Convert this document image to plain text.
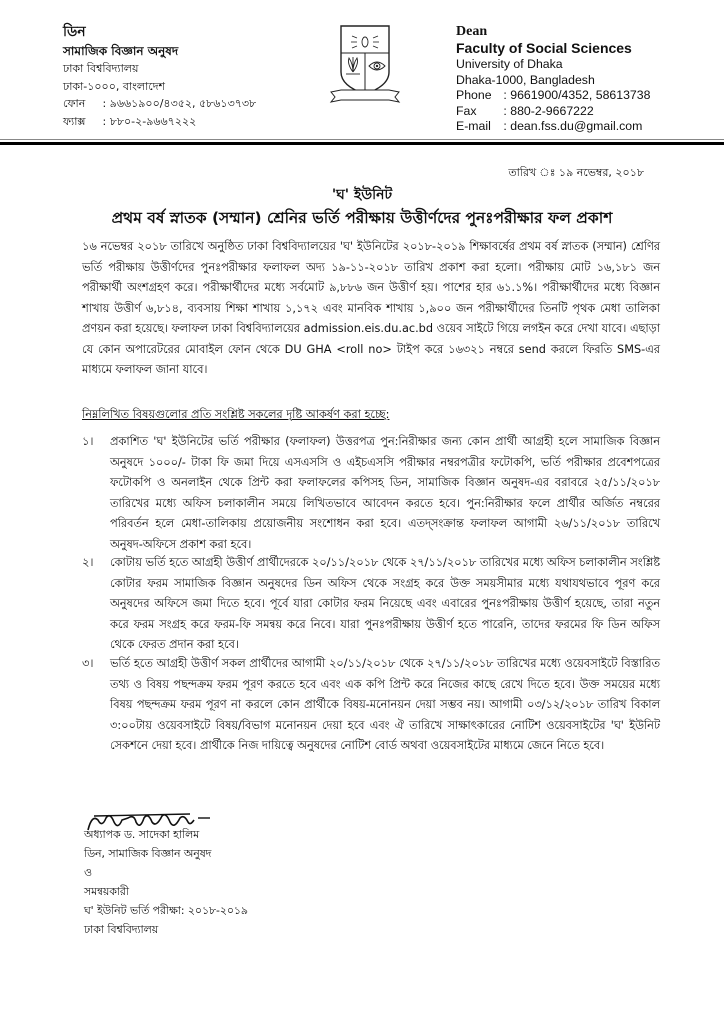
ডিন
সামাজিক বিজ্ঞান অনুষদ
ঢাকা বিশ্ববিদ্যালয়
ঢাকা-১০০০, বাংলাদেশ
ফোন : ৯৬৬১৯০০/৪৩৫২, ৫৮৬১৩৭৩৮
ফ্যাক্স : ৮৮০-২-৯৬৬৭২২২
Dean
Faculty of Social Sciences
University of Dhaka
Dhaka-1000, Bangladesh
Phone : 9661900/4352, 58613738
Fax : 880-2-9667222
E-mail : dean.fss.du@gmail.com
তারিখ ঃ ১৯ নভেম্বর, ২০১৮
'ঘ' ইউনিট
প্রথম বর্ষ স্নাতক (সম্মান) শ্রেনির ভর্তি পরীক্ষায় উত্তীর্ণদের পুনঃপরীক্ষার ফল প্রকাশ
১৬ নভেম্বর ২০১৮ তারিখে অনুষ্ঠিত ঢাকা বিশ্ববিদ্যালয়ের 'ঘ' ইউনিটের ২০১৮-২০১৯ শিক্ষাবর্ষের প্রথম বর্ষ স্নাতক (সম্মান) শ্রেণির ভর্তি পরীক্ষায় উত্তীর্ণদের পুনঃপরীক্ষার ফলাফল অদ্য ১৯-১১-২০১৮ তারিখ প্রকাশ করা হলো। পরীক্ষায় মোট ১৬,১৮১ জন পরীক্ষার্থী অংশগ্রহণ করে। পরীক্ষার্থীদের মধ্যে সর্বমোট ৯,৮৮৬ জন উত্তীর্ণ হয়। পাশের হার ৬১.১%। পরীক্ষার্থীদের মধ্যে বিজ্ঞান শাখায় উত্তীর্ণ ৬,৮১৪, ব্যবসায় শিক্ষা শাখায় ১,১৭২ এবং মানবিক শাখায় ১,৯০০ জন পরীক্ষার্থীদের তিনটি পৃথক মেধা তালিকা প্রণয়ন করা হয়েছে। ফলাফল ঢাকা বিশ্ববিদ্যালয়ের admission.eis.du.ac.bd ওয়েব সাইটে গিয়ে লগইন করে দেখা যাবে। এছাড়া যে কোন অপারেটরের মোবাইল ফোন থেকে DU GHA <roll no> টাইপ করে ১৬৩২১ নম্বরে send করলে ফিরতি SMS-এর মাধ্যমে ফলাফল জানা যাবে।
নিম্নলিখিত বিষয়গুলোর প্রতি সংশ্লিষ্ট সকলের দৃষ্টি আকর্ষণ করা হচ্ছে:
১।	প্রকাশিত 'ঘ' ইউনিটের ভর্তি পরীক্ষার (ফলাফল) উত্তরপত্র পুন:নিরীক্ষার জন্য কোন প্রার্থী আগ্রহী হলে সামাজিক বিজ্ঞান অনুষদে ১০০০/- টাকা ফি জমা দিয়ে এসএসসি ও এইচএসসি পরীক্ষার নম্বরপত্রীর ফটোকপি, ভর্তি পরীক্ষার প্রবেশপত্রের ফটোকপি ও অনলাইন থেকে প্রিন্ট করা ফলাফলের কপিসহ ডিন, সামাজিক বিজ্ঞান অনুষদ-এর বরাবরে ২৫/১১/২০১৮ তারিখের মধ্যে অফিস চলাকালীন সময়ে লিখিতভাবে আবেদন করতে হবে। পুন:নিরীক্ষার ফলে প্রার্থীর অর্জিত নম্বরের পরিবর্তন হলে মেধা-তালিকায় প্রয়োজনীয় সংশোধন করা হবে। এতদ্সংক্রান্ত ফলাফল আগামী ২৬/১১/২০১৮ তারিখে অনুষদ-অফিসে প্রকাশ করা হবে।
২।	কোটায় ভর্তি হতে আগ্রহী উত্তীর্ণ প্রার্থীদেরকে ২০/১১/২০১৮ থেকে ২৭/১১/২০১৮ তারিখের মধ্যে অফিস চলাকালীন সংশ্লিষ্ট কোটার ফরম সামাজিক বিজ্ঞান অনুষদের ডিন অফিস থেকে সংগ্রহ করে উক্ত সময়সীমার মধ্যে যথাযথভাবে পূরণ করে অনুষদের অফিসে জমা দিতে হবে। পূর্বে যারা কোটার ফরম নিয়েছে এবং এবারের পুনঃপরীক্ষায় উত্তীর্ণ হয়েছে, তারা নতুন করে ফরম সংগ্রহ করে ফরম-ফি সমন্বয় করে নিবে। যারা পুনঃপরীক্ষায় উত্তীর্ণ হতে পারেনি, তাদের ফরমের ফি ডিন অফিস থেকে ফেরত প্রদান করা হবে।
৩।	ভর্তি হতে আগ্রহী উত্তীর্ণ সকল প্রার্থীদের আগামী ২০/১১/২০১৮ থেকে ২৭/১১/২০১৮ তারিখের মধ্যে ওয়েবসাইটে বিস্তারিত তথ্য ও বিষয় পছন্দক্রম ফরম পূরণ করতে হবে এবং এক কপি প্রিন্ট করে নিজের কাছে রেখে দিতে হবে। উক্ত সময়ের মধ্যে বিষয় পছন্দক্রম ফরম পূরণ না করলে কোন প্রার্থীকে বিষয়-মনোনয়ন দেয়া সম্ভব নয়। আগামী ০৩/১২/২০১৮ তারিখ বিকাল ৩:০০টায় ওয়েবসাইটে বিষয়/বিভাগ মনোনয়ন দেয়া হবে এবং ঐ তারিখে সাক্ষাৎকারের নোটিশ ওয়েবসাইটের 'ঘ' ইউনিট সেকশনে দেয়া হবে। প্রার্থীকে নিজ দায়িত্বে অনুষদের নোটিশ বোর্ড অথবা ওয়েবসাইটের মাধ্যমে জেনে নিতে হবে।
অধ্যাপক ড. সাদেকা হালিম
ডিন, সামাজিক বিজ্ঞান অনুষদ
ও
সমন্বয়কারী
ঘ' ইউনিট ভর্তি পরীক্ষা: ২০১৮-২০১৯
ঢাকা বিশ্ববিদ্যালয়
